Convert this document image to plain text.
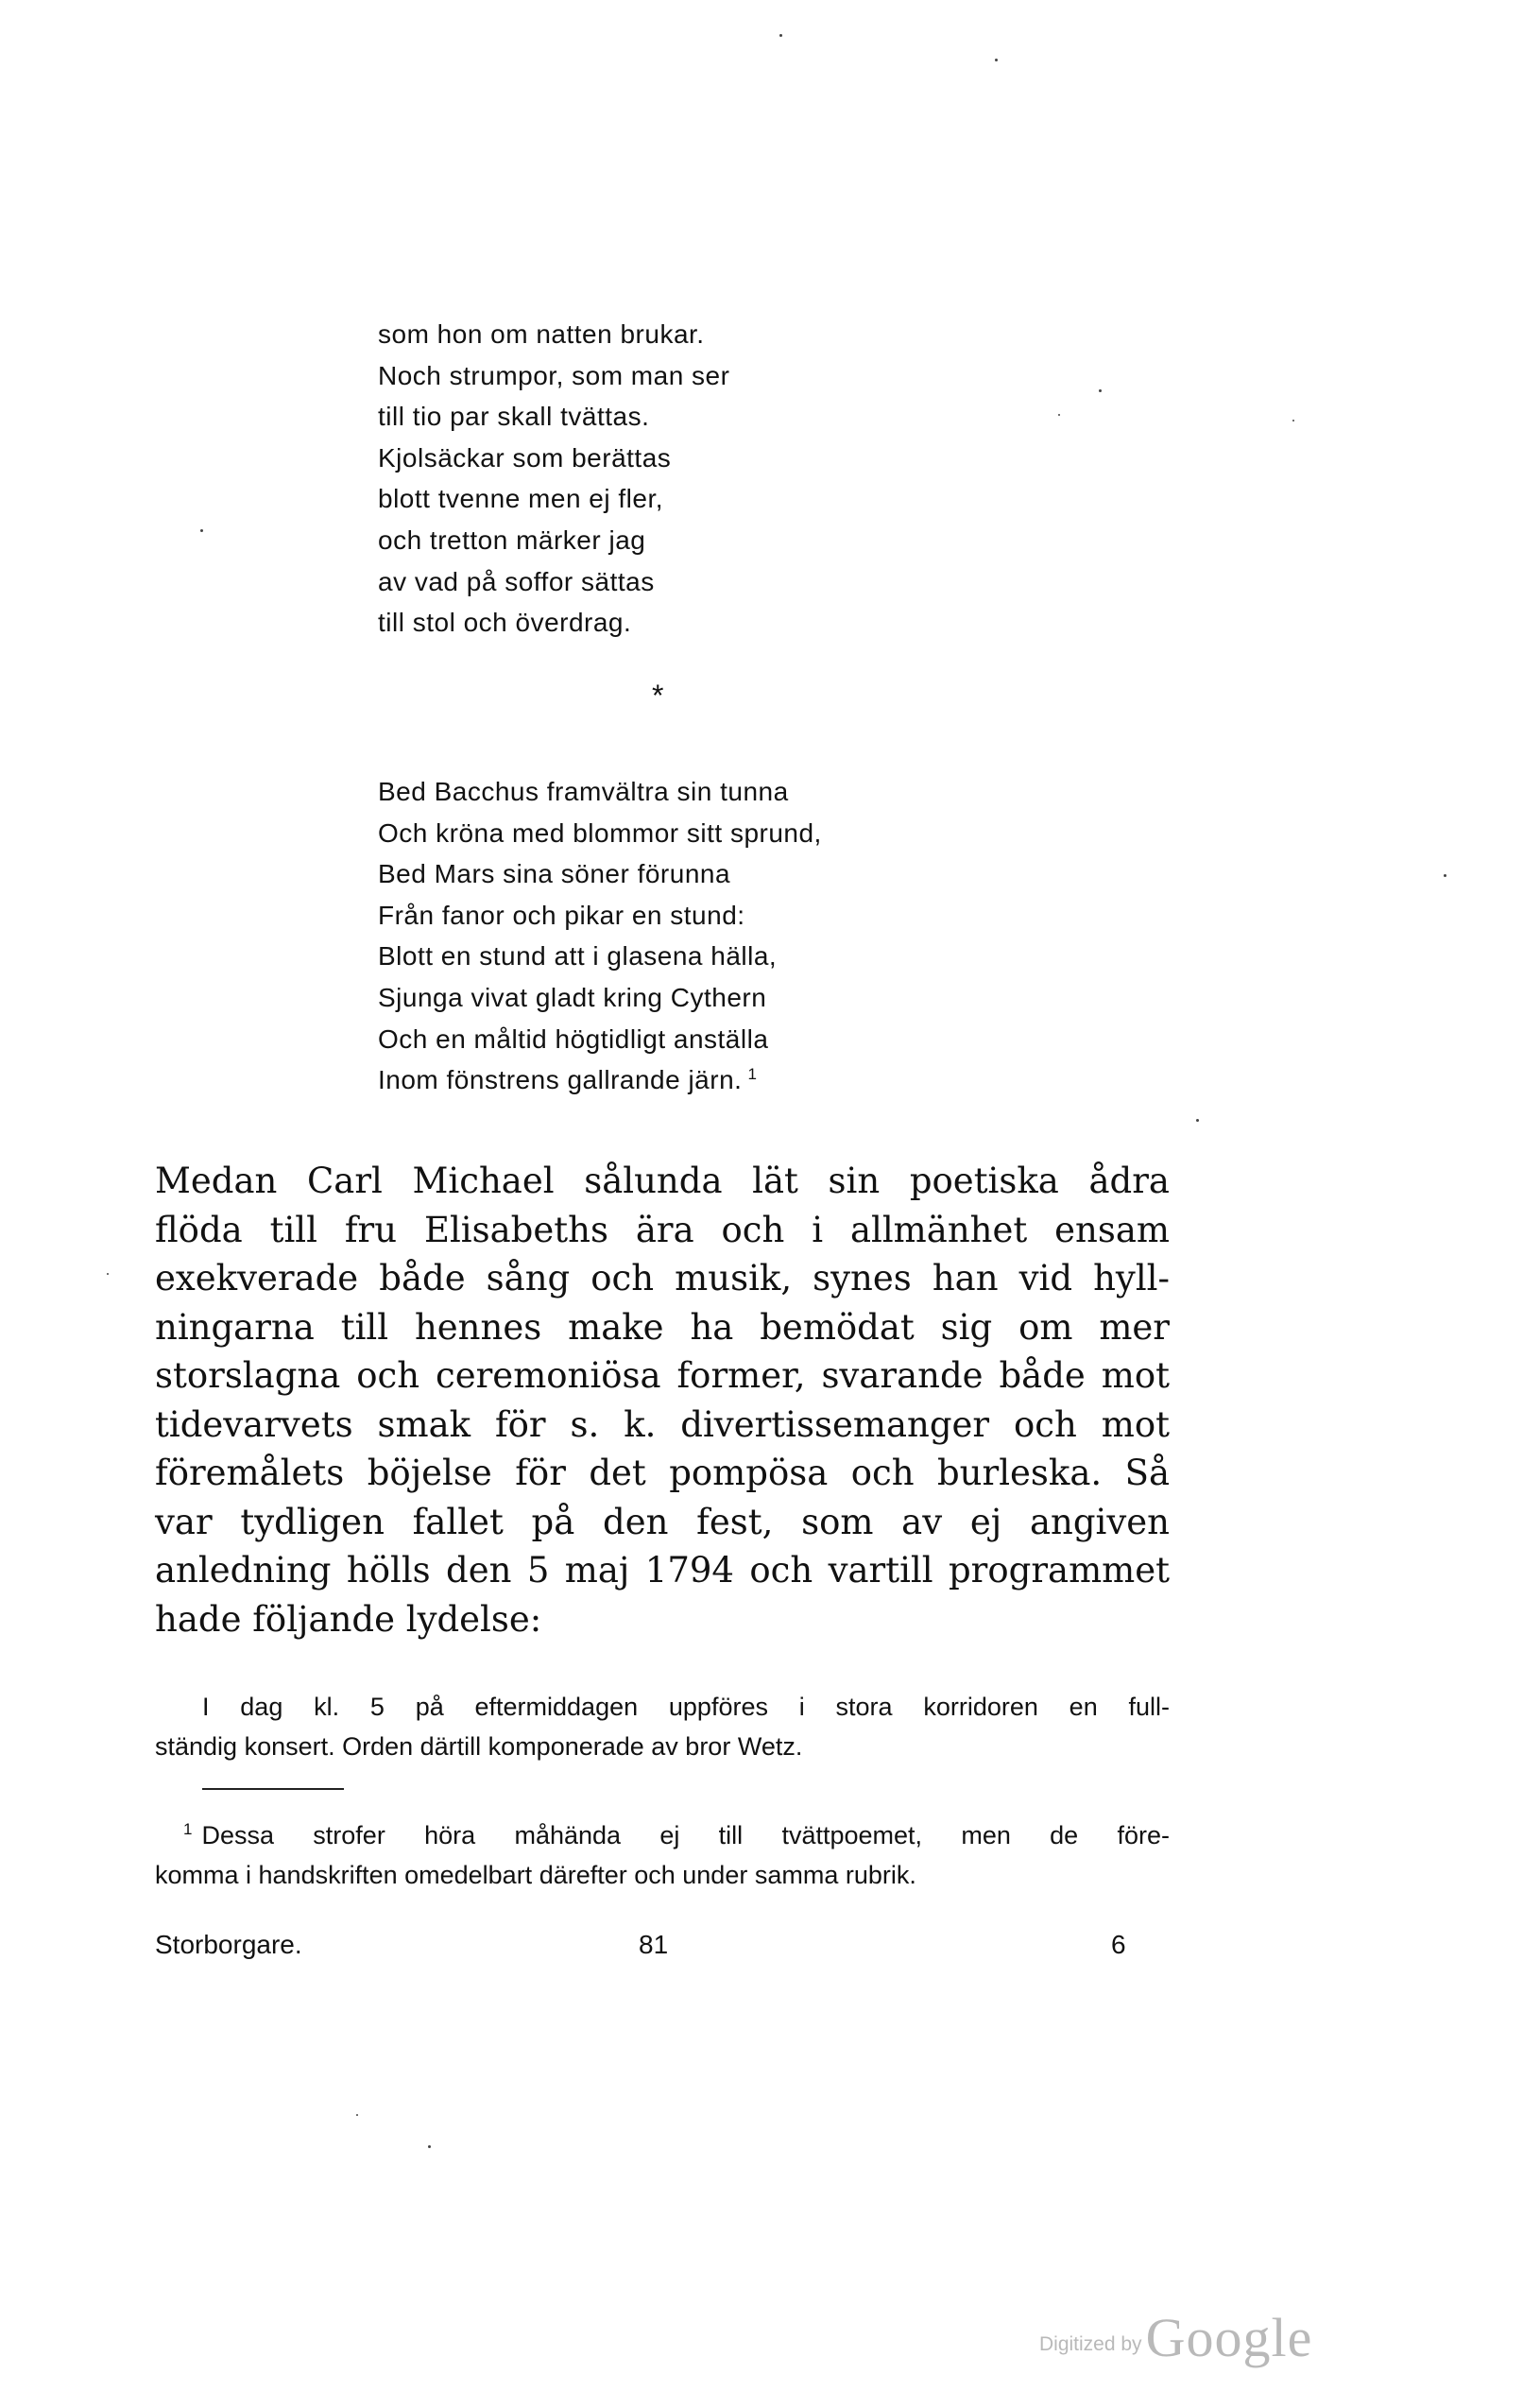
som hon om natten brukar.
Noch strumpor, som man ser
till tio par skall tvättas.
Kjolsäckar som berättas
blott tvenne men ej fler,
och tretton märker jag
av vad på soffor sättas
till stol och överdrag.
*
Bed Bacchus framvältra sin tunna
Och kröna med blommor sitt sprund,
Bed Mars sina söner förunna
Från fanor och pikar en stund:
Blott en stund att i glasena hälla,
Sjunga vivat gladt kring Cythern
Och en måltid högtidligt anställa
Inom fönstrens gallrande järn. $^1$
Medan Carl Michael sålunda lät sin poetiska ådra
flöda till fru Elisabeths ära och i allmänhet ensam
exekverade både sång och musik, synes han vid hyll-
ningarna till hennes make ha bemödat sig om mer
storslagna och ceremoniösa former, svarande både mot
tidevarvets smak för s. k. divertissemanger och mot
föremålets böjelse för det pompösa och burleska. Så
var tydligen fallet på den fest, som av ej angiven
anledning hölls den 5 maj 1794 och vartill programmet
hade följande lydelse:
I dag kl. 5 på eftermiddagen uppföres i stora korridoren en full-
ständig konsert. Orden därtill komponerade av bror Wetz.
$^1$ Dessa strofer höra måhända ej till tvättpoemet, men de före-
komma i handskriften omedelbart därefter och under samma rubrik.
Storborgare.	81	6
Digitized byGoogle
